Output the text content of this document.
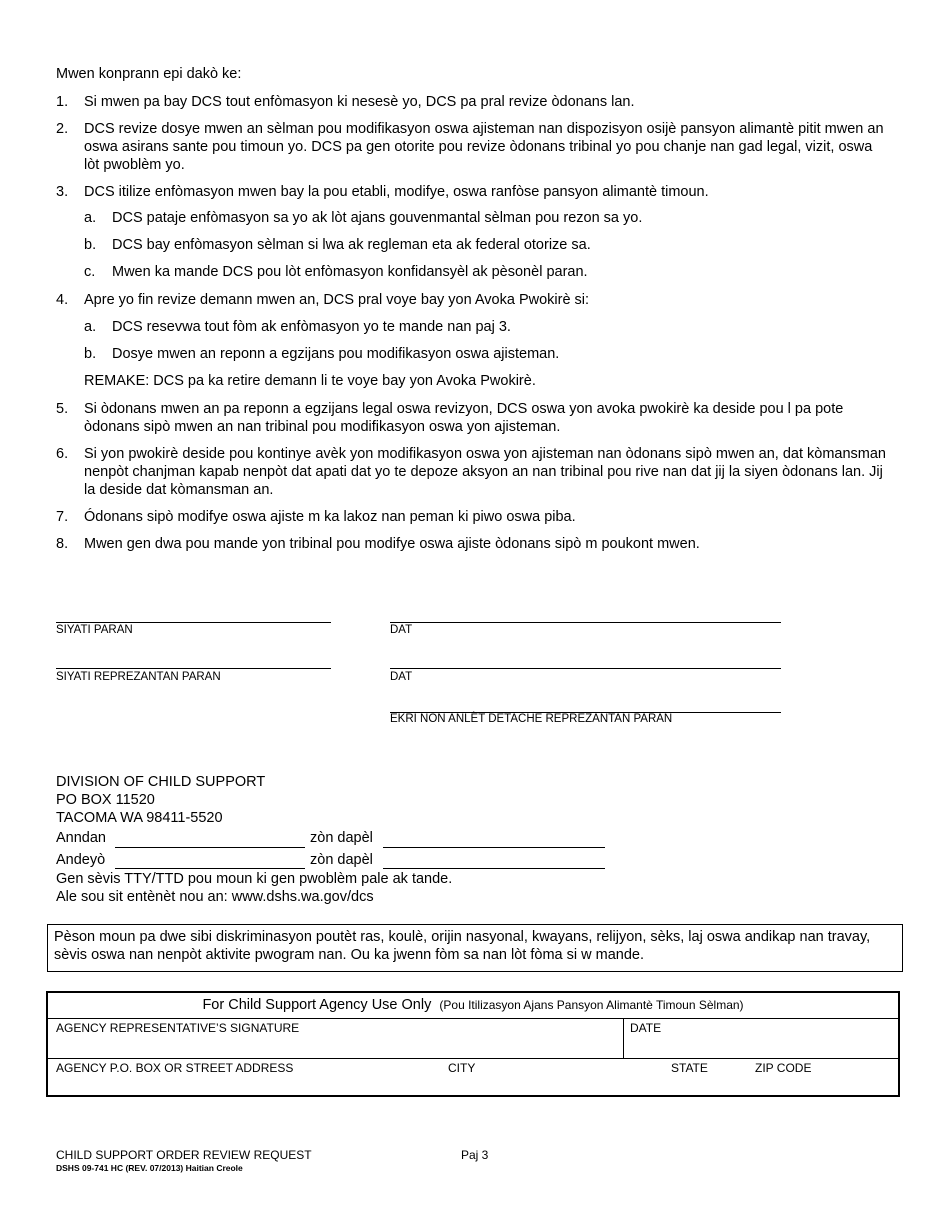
Mwen konprann epi dakò ke:
1. Si mwen pa bay DCS tout enfòmasyon ki nesesè yo, DCS pa pral revize òdonans lan.
2. DCS revize dosye mwen an sèlman pou modifikasyon oswa ajisteman nan dispozisyon osijè pansyon alimantè pitit mwen an oswa asirans sante pou timoun yo. DCS pa gen otorite pou revize òdonans tribinal yo pou chanje nan gad legal, vizit, oswa lòt pwoblèm yo.
3. DCS itilize enfòmasyon mwen bay la pou etabli, modifye, oswa ranfòse pansyon alimantè timoun.
a. DCS pataje enfòmasyon sa yo ak lòt ajans gouvenmantal sèlman pou rezon sa yo.
b. DCS bay enfòmasyon sèlman si lwa ak regleman eta ak federal otorize sa.
c. Mwen ka mande DCS pou lòt enfòmasyon konfidansyèl ak pèsonèl paran.
4. Apre yo fin revize demann mwen an, DCS pral voye bay yon Avoka Pwokirè si:
a. DCS resevwa tout fòm ak enfòmasyon yo te mande nan paj 3.
b. Dosye mwen an reponn a egzijans pou modifikasyon oswa ajisteman.
REMAKE: DCS pa ka retire demann li te voye bay yon Avoka Pwokirè.
5. Si òdonans mwen an pa reponn a egzijans legal oswa revizyon, DCS oswa yon avoka pwokirè ka deside pou l pa pote òdonans sipò mwen an nan tribinal pou modifikasyon oswa yon ajisteman.
6. Si yon pwokirè deside pou kontinye avèk yon modifikasyon oswa yon ajisteman nan òdonans sipò mwen an, dat kòmansman nenpòt chanjman kapab nenpòt dat apati dat yo te depoze aksyon an nan tribinal pou rive nan dat jij la siyen òdonans lan. Jij la deside dat kòmansman an.
7. Ódonans sipò modifye oswa ajiste m ka lakoz nan peman ki piwo oswa piba.
8. Mwen gen dwa pou mande yon tribinal pou modifye oswa ajiste òdonans sipò m poukont mwen.
SIYATI PARAN	DAT
SIYATI REPREZANTAN PARAN	DAT
EKRI NON ANLÈT DETACHE REPREZANTAN PARAN
DIVISION OF CHILD SUPPORT
PO BOX 11520
TACOMA WA 98411-5520
Anndan	zòn dapèl
Andeyò	zòn dapèl
Gen sèvis TTY/TTD pou moun ki gen pwoblèm pale ak tande.
Ale sou sit entènèt nou an: www.dshs.wa.gov/dcs
Pèson moun pa dwe sibi diskriminasyon poutèt ras, koulè, orijin nasyonal, kwayans, relijyon, sèks, laj oswa andikap nan travay, sèvis oswa nan nenpòt aktivite pwogram nan. Ou ka jwenn fòm sa nan lòt fòma si w mande.
For Child Support Agency Use Only (Pou Itilizasyon Ajans Pansyon Alimantè Timoun Sèlman)
AGENCY REPRESENTATIVE’S SIGNATURE	DATE
AGENCY P.O. BOX OR STREET ADDRESS	CITY	STATE	ZIP CODE
CHILD SUPPORT ORDER REVIEW REQUEST
DSHS 09-741 HC (REV. 07/2013) Haitian Creole
Paj 3
